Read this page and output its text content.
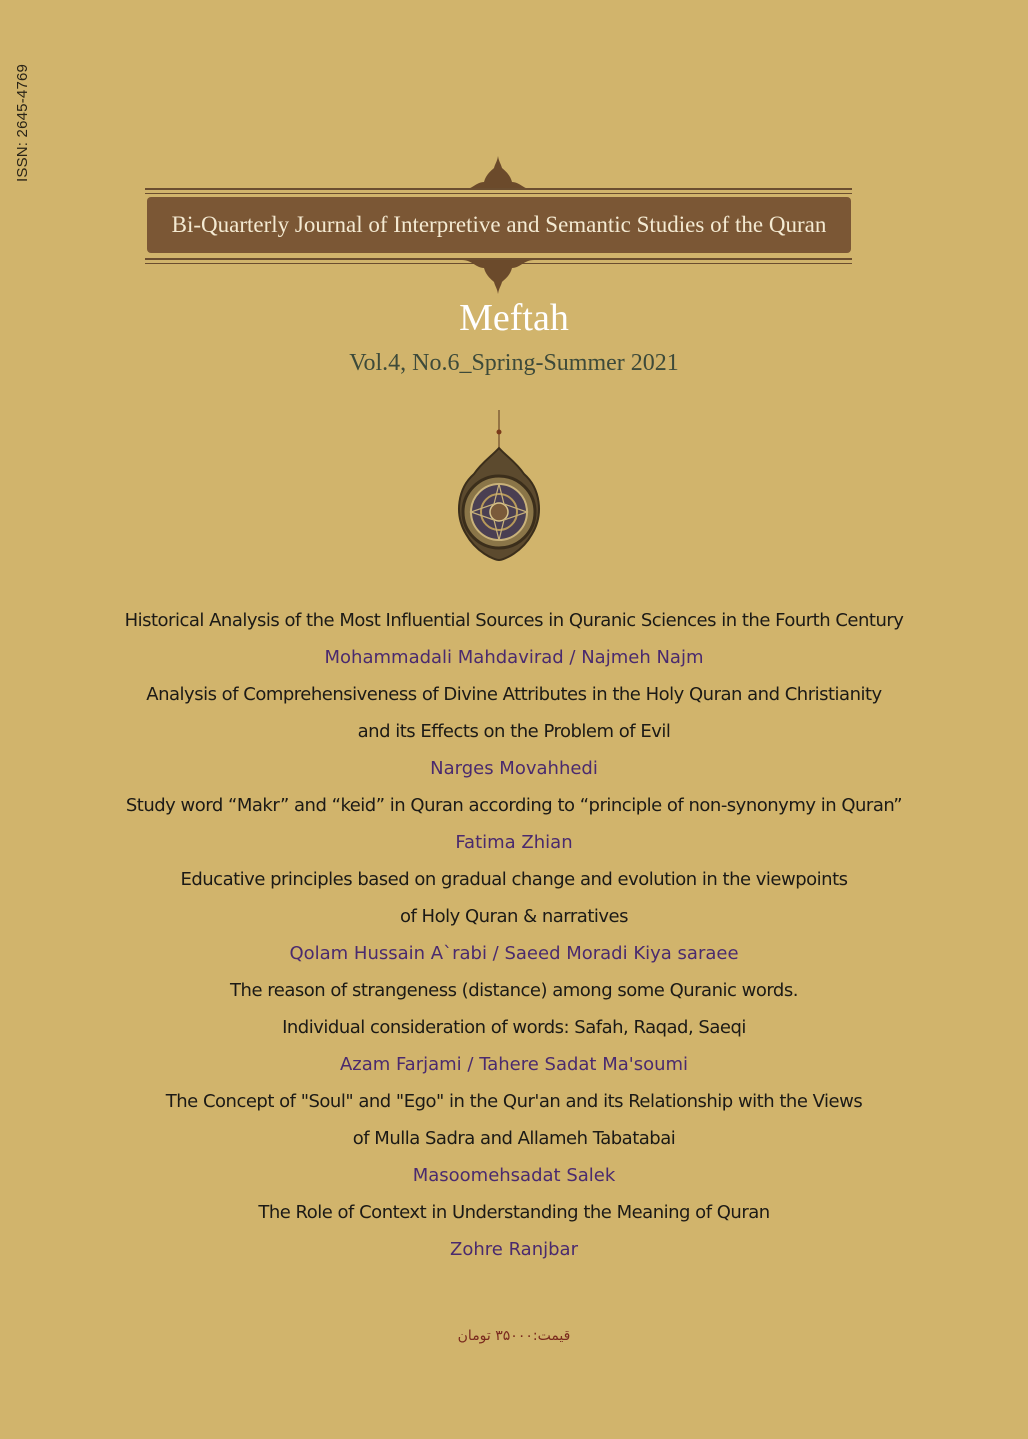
ISSN: 2645-4769
Bi-Quarterly Journal of Interpretive and Semantic Studies of the Quran
Meftah
Vol.4, No.6_Spring-Summer 2021
Historical Analysis of the Most Influential Sources in Quranic Sciences in the Fourth Century
Mohammadali Mahdavirad / Najmeh Najm
Analysis of Comprehensiveness of Divine Attributes in the Holy Quran and Christianity
and its Effects on the Problem of Evil
Narges Movahhedi
Study word “Makr” and “keid” in Quran according to “principle of non-synonymy in Quran”
Fatima Zhian
Educative principles based on gradual change and evolution in the viewpoints
of Holy Quran & narratives
Qolam Hussain A`rabi / Saeed Moradi Kiya saraee
The reason of strangeness (distance) among some Quranic words.
Individual consideration of words: Safah, Raqad, Saeqi
Azam Farjami / Tahere Sadat Ma'soumi
The Concept of "Soul" and "Ego" in the Qur'an and its Relationship with the Views
of Mulla Sadra and Allameh Tabatabai
Masoomehsadat Salek
The Role of Context in Understanding the Meaning of Quran
Zohre Ranjbar
قیمت:۳۵۰۰۰ تومان
